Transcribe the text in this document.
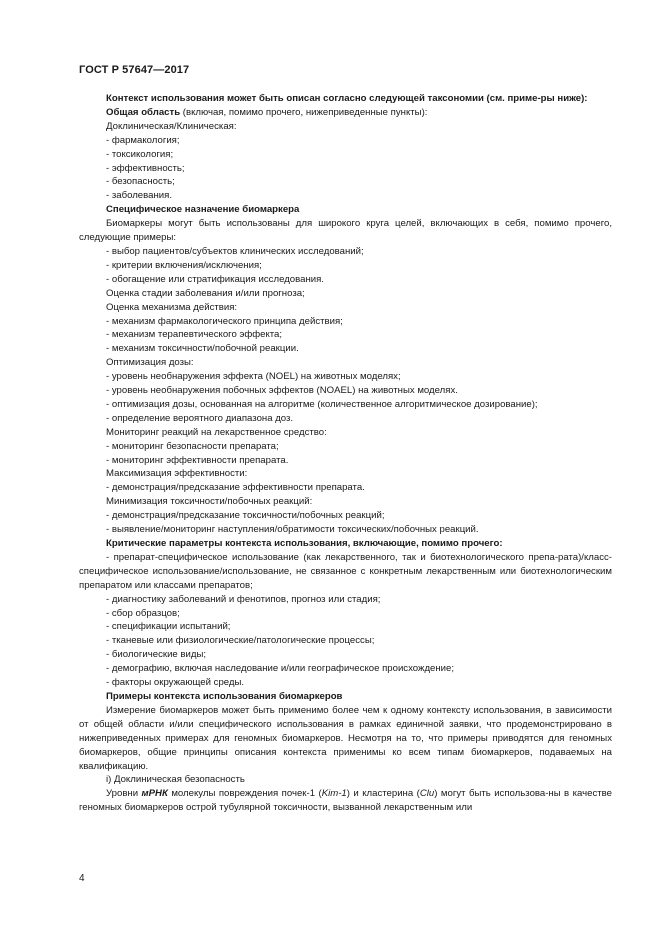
ГОСТ Р 57647—2017

Контекст использования может быть описан согласно следующей таксономии (см. приме-ры ниже):

Общая область (включая, помимо прочего, нижеприведенные пункты):

Доклиническая/Клиническая:

- фармакология;

- токсикология;

- эффективность;

- безопасность;

- заболевания.

Специфическое назначение биомаркера

Биомаркеры могут быть использованы для широкого круга целей, включающих в себя, помимо прочего, следующие примеры:

- выбор пациентов/субъектов клинических исследований;

- критерии включения/исключения;

- обогащение или стратификация исследования.

Оценка стадии заболевания и/или прогноза;

Оценка механизма действия:

- механизм фармакологического принципа действия;

- механизм терапевтического эффекта;

- механизм токсичности/побочной реакции.

Оптимизация дозы:

- уровень необнаружения эффекта (NOEL) на животных моделях;

- уровень необнаружения побочных эффектов (NOAEL) на животных моделях.

- оптимизация дозы, основанная на алгоритме (количественное алгоритмическое дозирование);

- определение вероятного диапазона доз.

Мониторинг реакций на лекарственное средство:

- мониторинг безопасности препарата;

- мониторинг эффективности препарата.

Максимизация эффективности:

- демонстрация/предсказание эффективности препарата.

Минимизация токсичности/побочных реакций:

- демонстрация/предсказание токсичности/побочных реакций;

- выявление/мониторинг наступления/обратимости токсических/побочных реакций.

Критические параметры контекста использования, включающие, помимо прочего:

- препарат-специфическое использование (как лекарственного, так и биотехнологического препа-рата)/класс-специфическое использование/использование, не связанное с конкретным лекарственным или биотехнологическим препаратом или классами препаратов;

- диагностику заболеваний и фенотипов, прогноз или стадия;

- сбор образцов;

- спецификации испытаний;

- тканевые или физиологические/патологические процессы;

- биологические виды;

- демографию, включая наследование и/или географическое происхождение;

- факторы окружающей среды.

Примеры контекста использования биомаркеров

Измерение биомаркеров может быть применимо более чем к одному контексту использования, в зависимости от общей области и/или специфического использования в рамках единичной заявки, что продемонстрировано в нижеприведенных примерах для геномных биомаркеров. Несмотря на то, что примеры приводятся для геномных биомаркеров, общие принципы описания контекста применимы ко всем типам биомаркеров, подаваемых на квалификацию.

i) Доклиническая безопасность

Уровни мРНК молекулы повреждения почек-1 (Kim-1) и кластерина (Clu) могут быть использова-ны в качестве геномных биомаркеров острой тубулярной токсичности, вызванной лекарственным или

4
